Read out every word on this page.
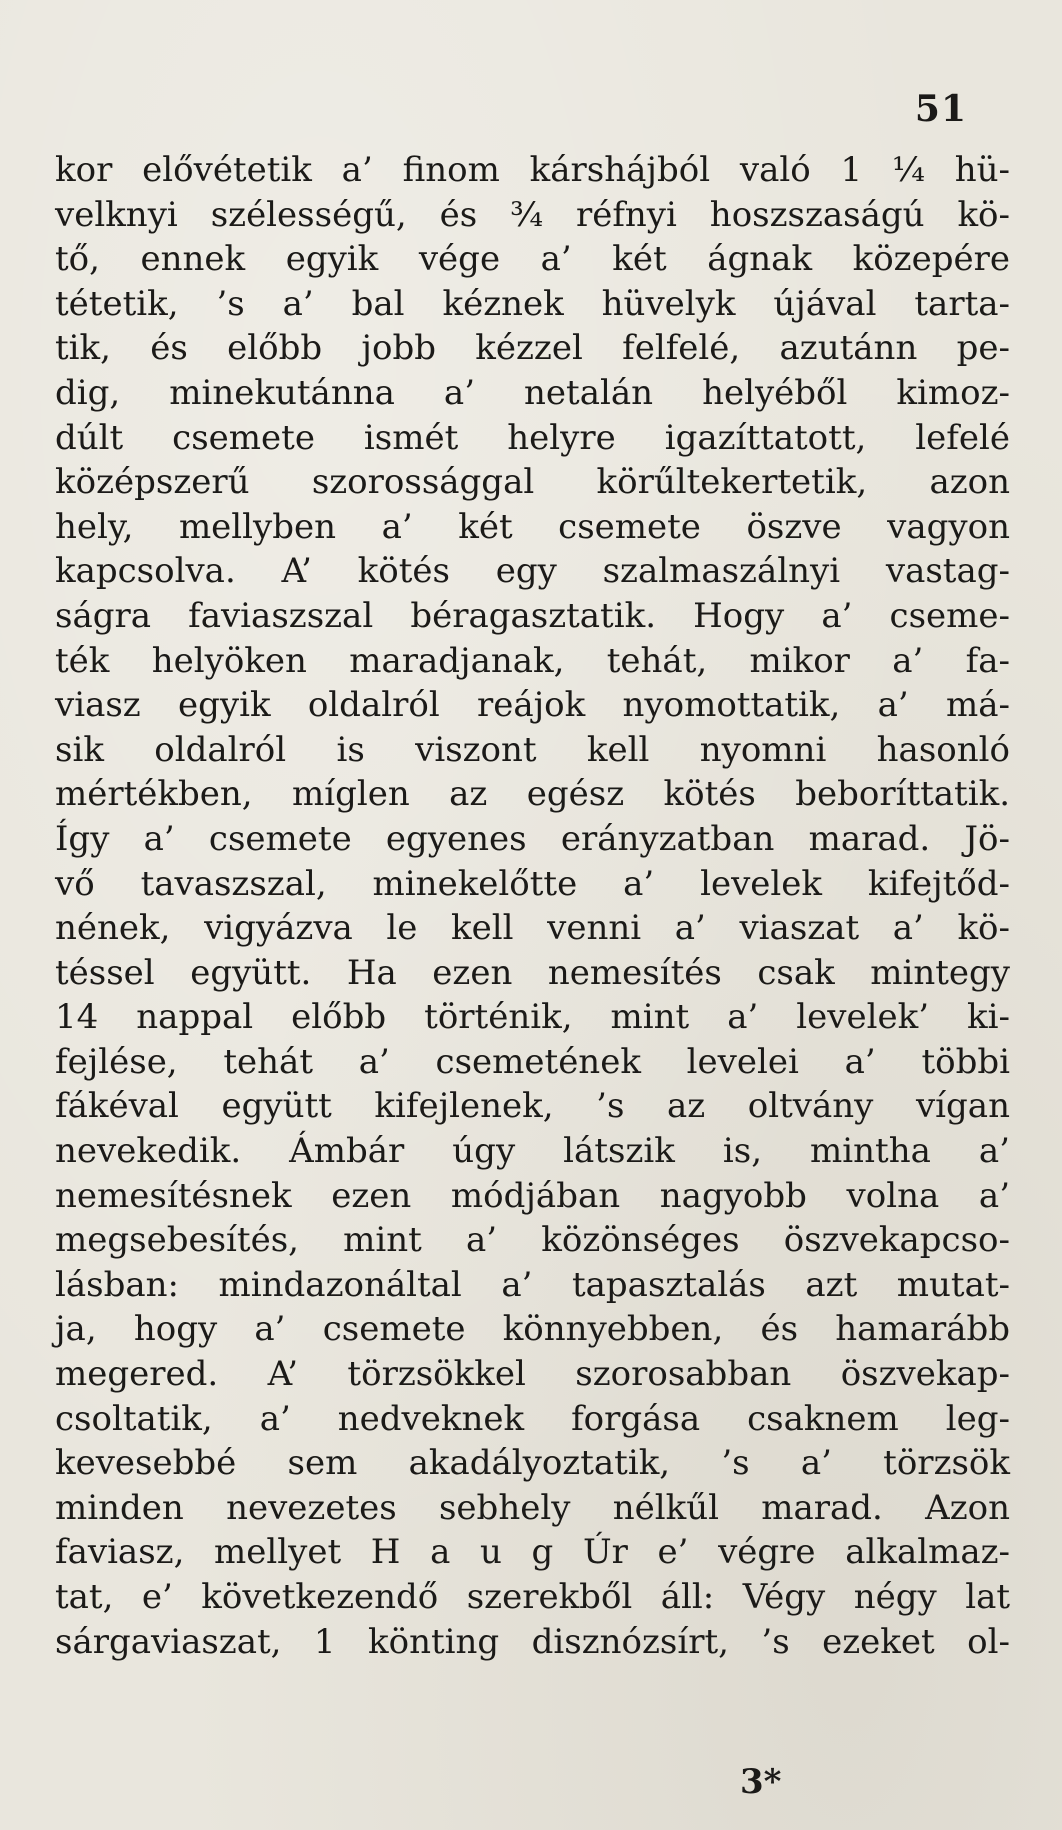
51
kor elővétetik a’ finom kárshájból való 1 ¼ hü-
velknyi szélességű, és ¾ réfnyi hoszszaságú kö-
tő, ennek egyik vége a’ két ágnak közepére
tétetik, ’s a’ bal kéznek hüvelyk újával tarta-
tik, és előbb jobb kézzel felfelé, azutánn pe-
dig, minekutánna a’ netalán helyéből kimoz-
dúlt csemete ismét helyre igazíttatott, lefelé
középszerű szorossággal körűltekertetik, azon
hely, mellyben a’ két csemete öszve vagyon
kapcsolva. A’ kötés egy szalmaszálnyi vastag-
ságra faviaszszal béragasztatik. Hogy a’ cseme-
ték helyöken maradjanak, tehát, mikor a’ fa-
viasz egyik oldalról reájok nyomottatik, a’ má-
sik oldalról is viszont kell nyomni hasonló
mértékben, míglen az egész kötés beboríttatik.
Így a’ csemete egyenes erányzatban marad. Jö-
vő tavaszszal, minekelőtte a’ levelek kifejtőd-
nének, vigyázva le kell venni a’ viaszat a’ kö-
téssel együtt. Ha ezen nemesítés csak mintegy
14 nappal előbb történik, mint a’ levelek’ ki-
fejlése, tehát a’ csemetének levelei a’ többi
fákéval együtt kifejlenek, ’s az oltvány vígan
nevekedik. Ámbár úgy látszik is, mintha a’
nemesítésnek ezen módjában nagyobb volna a’
megsebesítés, mint a’ közönséges öszvekapcso-
lásban: mindazonáltal a’ tapasztalás azt mutat-
ja, hogy a’ csemete könnyebben, és hamarább
megered. A’ törzsökkel szorosabban öszvekap-
csoltatik, a’ nedveknek forgása csaknem leg-
kevesebbé sem akadályoztatik, ’s a’ törzsök
minden nevezetes sebhely nélkűl marad. Azon
faviasz, mellyet H a u g Úr e’ végre alkalmaz-
tat, e’ következendő szerekből áll: Végy négy lat
sárgaviaszat, 1 könting disznózsírt, ’s ezeket ol-
3*
